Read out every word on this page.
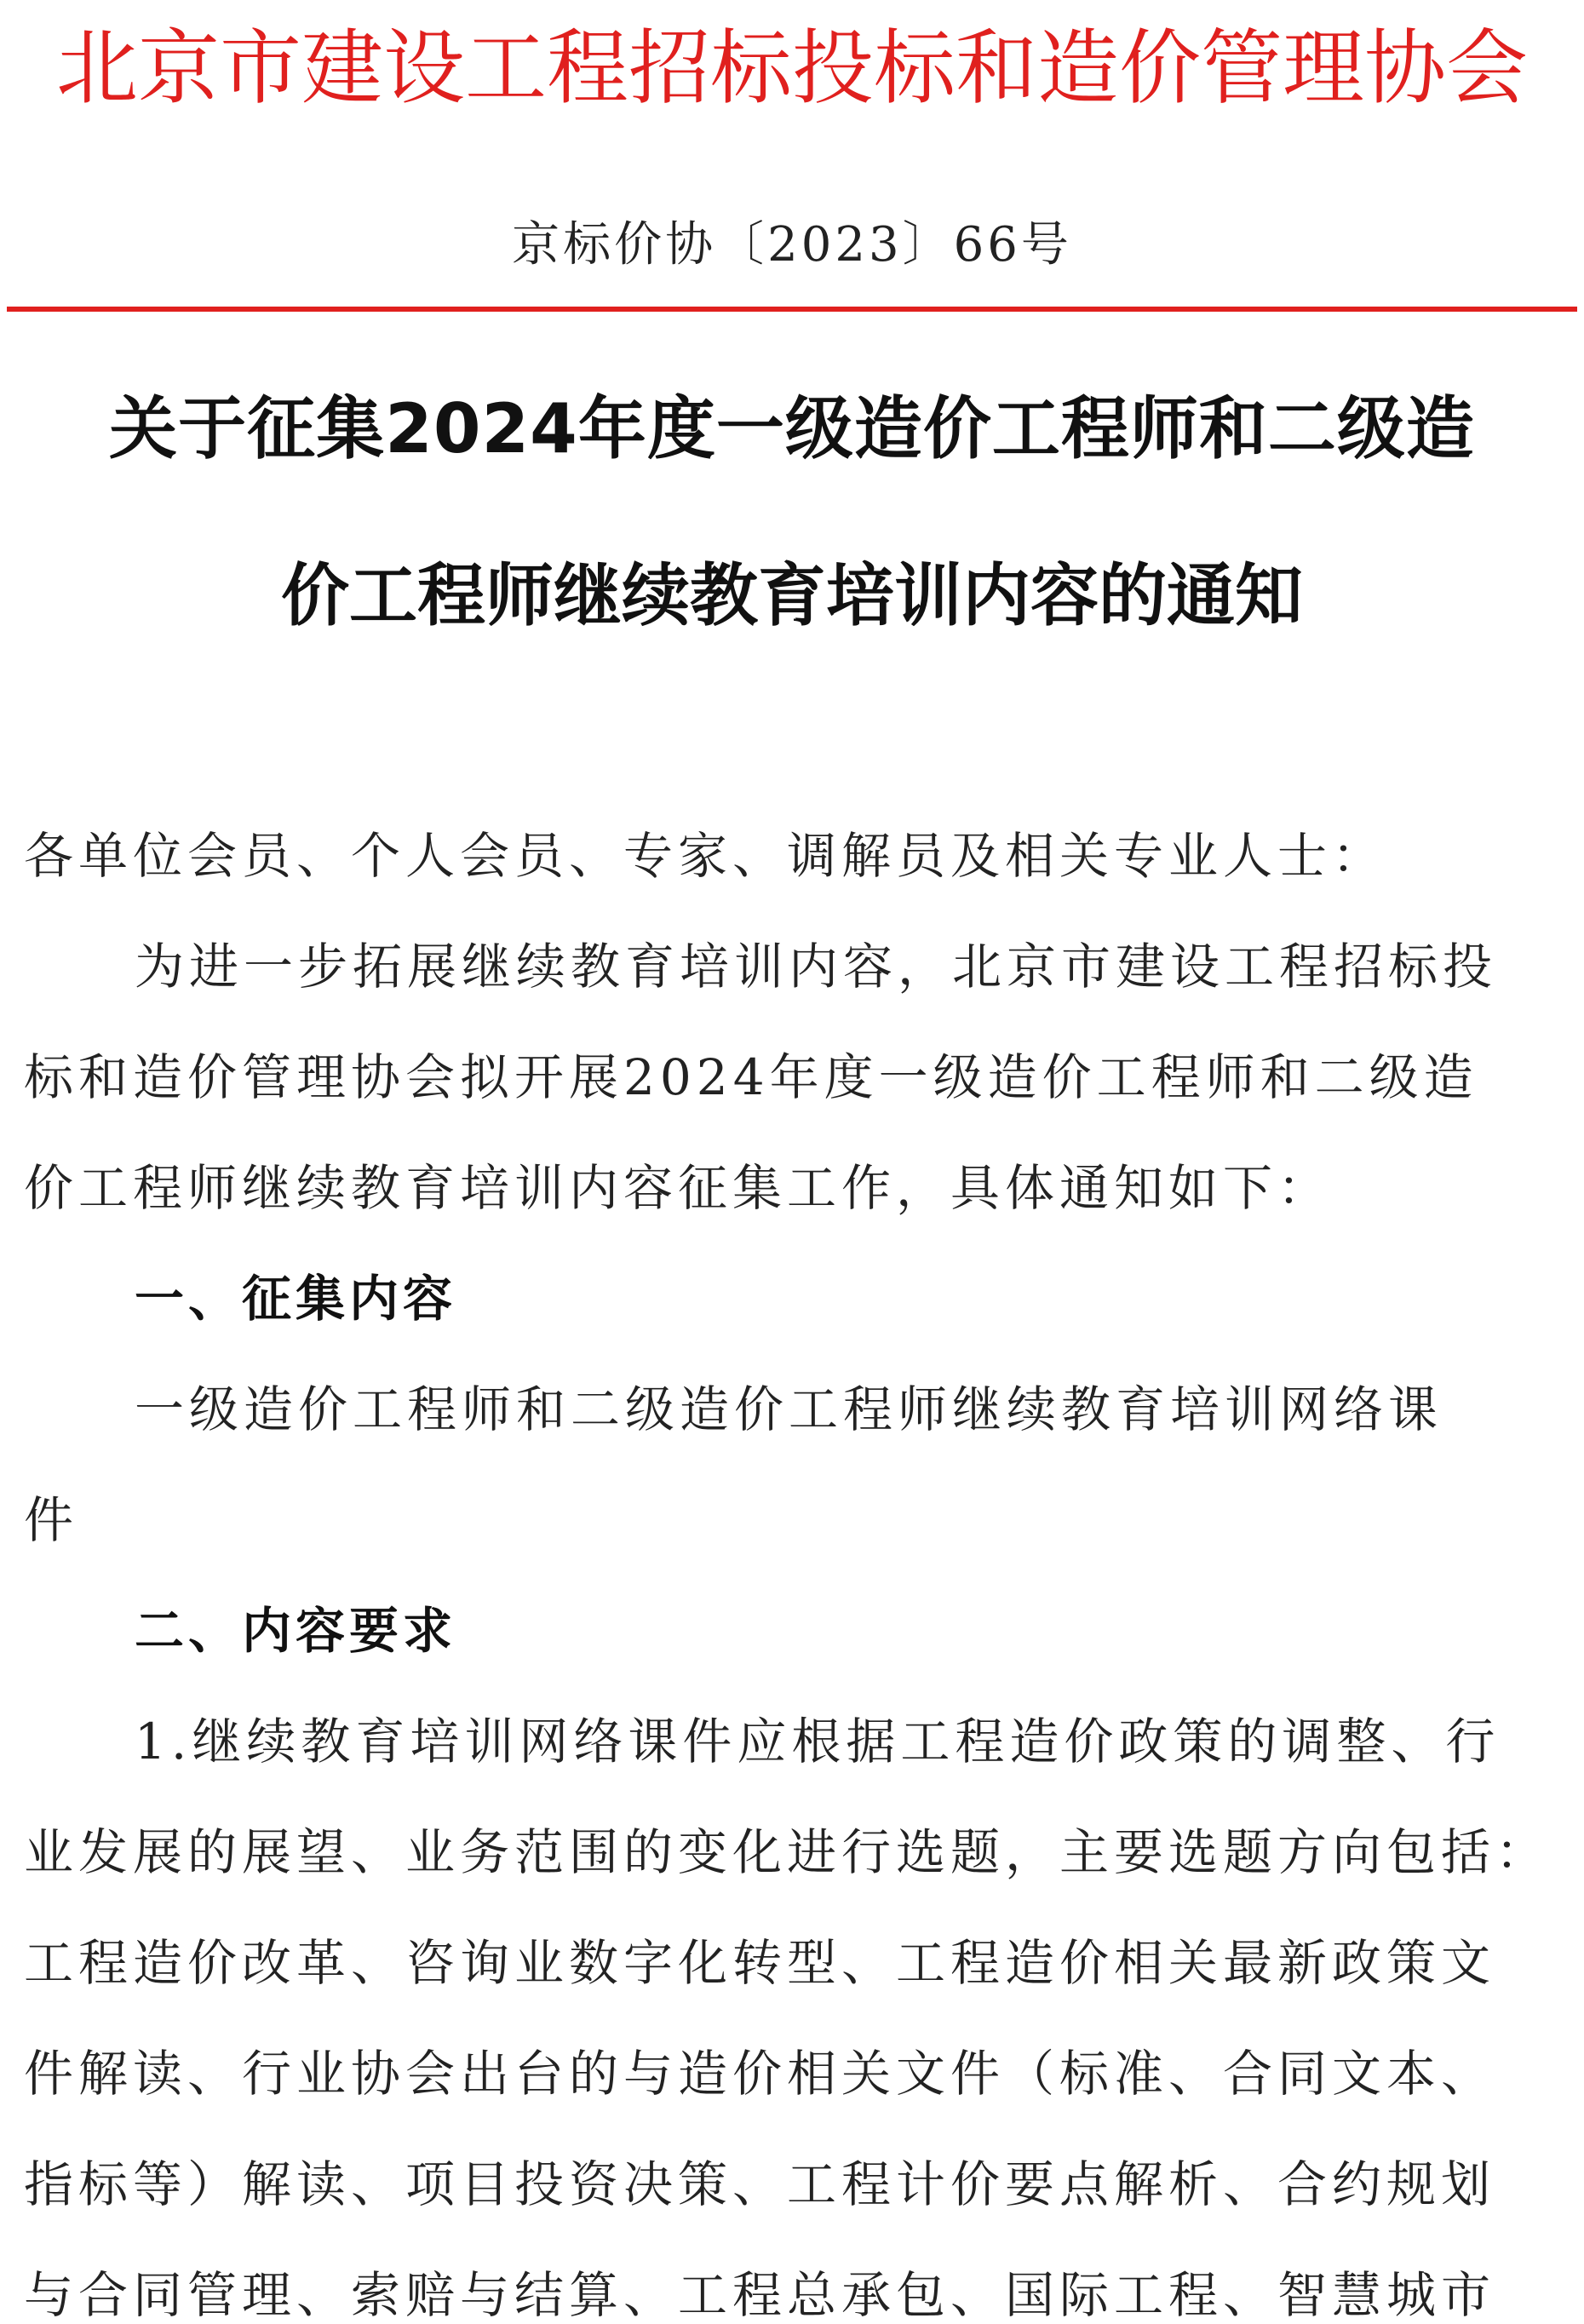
北京市建设工程招标投标和造价管理协会
京标价协〔2023〕66号
关于征集2024年度一级造价工程师和二级造
价工程师继续教育培训内容的通知
各单位会员、个人会员、专家、调解员及相关专业人士：
为进一步拓展继续教育培训内容，北京市建设工程招标投
标和造价管理协会拟开展2024年度一级造价工程师和二级造
价工程师继续教育培训内容征集工作，具体通知如下：
一、征集内容
一级造价工程师和二级造价工程师继续教育培训网络课
件
二、内容要求
1.继续教育培训网络课件应根据工程造价政策的调整、行
业发展的展望、业务范围的变化进行选题，主要选题方向包括：
工程造价改革、咨询业数字化转型、工程造价相关最新政策文
件解读、行业协会出台的与造价相关文件（标准、合同文本、
指标等）解读、项目投资决策、工程计价要点解析、合约规划
与合同管理、索赔与结算、工程总承包、国际工程、智慧城市
